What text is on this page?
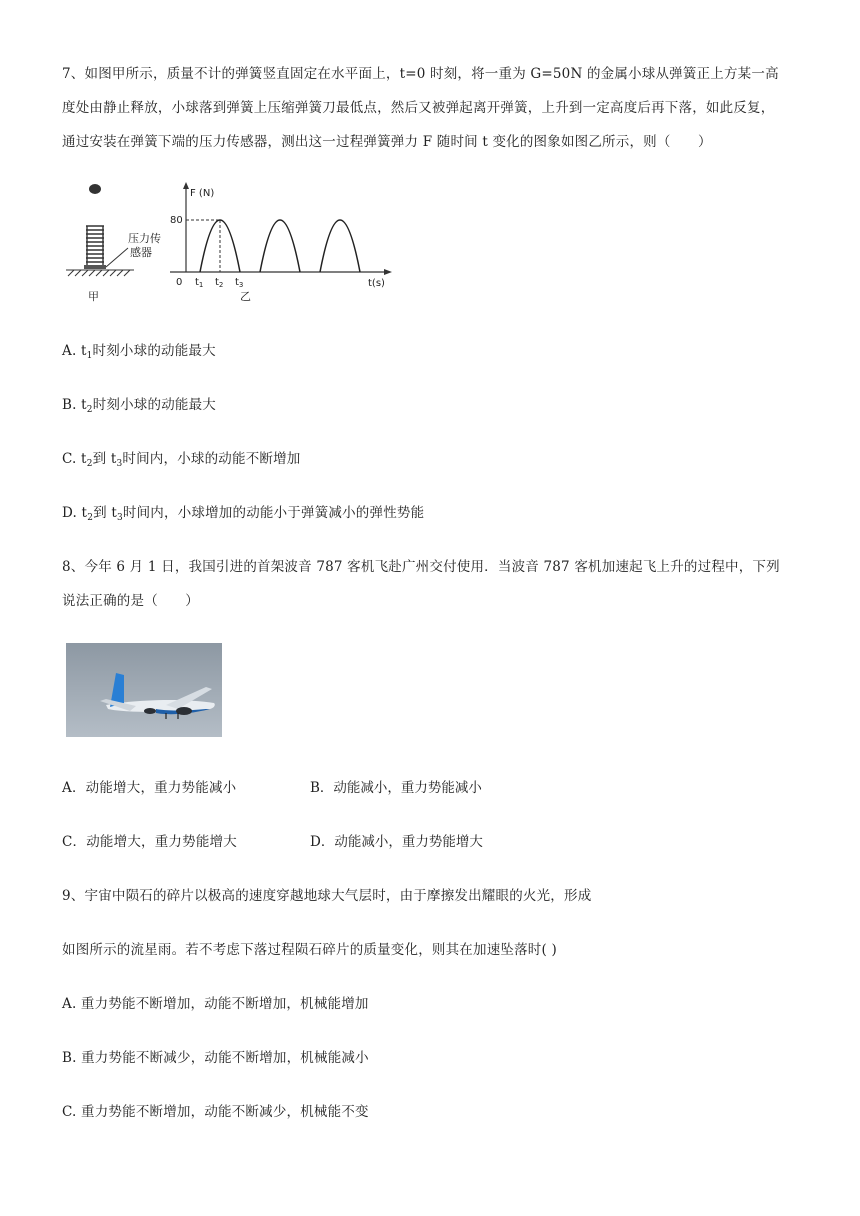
7、如图甲所示，质量不计的弹簧竖直固定在水平面上，t=0 时刻，将一重为 G=50N 的金属小球从弹簧正上方某一高
度处由静止释放，小球落到弹簧上压缩弹簧刀最低点，然后又被弹起离开弹簧，上升到一定高度后再下落，如此反复，
通过安装在弹簧下端的压力传感器，测出这一过程弹簧弹力 F 随时间 t 变化的图象如图乙所示，则（　　）
压力传
感器
甲
F (N)
t(s)
80
0 $t_1$ $t_2$ $t_3$
乙
A. $t_1$时刻小球的动能最大
B. $t_2$时刻小球的动能最大
C. $t_2$到 $t_3$时间内，小球的动能不断增加
D. $t_2$到 $t_3$时间内，小球增加的动能小于弹簧减小的弹性势能
8、今年 6 月 1 日，我国引进的首架波音 787 客机飞赴广州交付使用．当波音 787 客机加速起飞上升的过程中，下列
说法正确的是（　　）
A．动能增大，重力势能减小	B．动能减小，重力势能减小
C．动能增大，重力势能增大	D．动能减小，重力势能增大
9、宇宙中陨石的碎片以极高的速度穿越地球大气层时，由于摩擦发出耀眼的火光，形成
如图所示的流星雨。若不考虑下落过程陨石碎片的质量变化，则其在加速坠落时( )
A. 重力势能不断增加，动能不断增加，机械能增加
B. 重力势能不断减少，动能不断增加，机械能减小
C. 重力势能不断增加，动能不断减少，机械能不变
